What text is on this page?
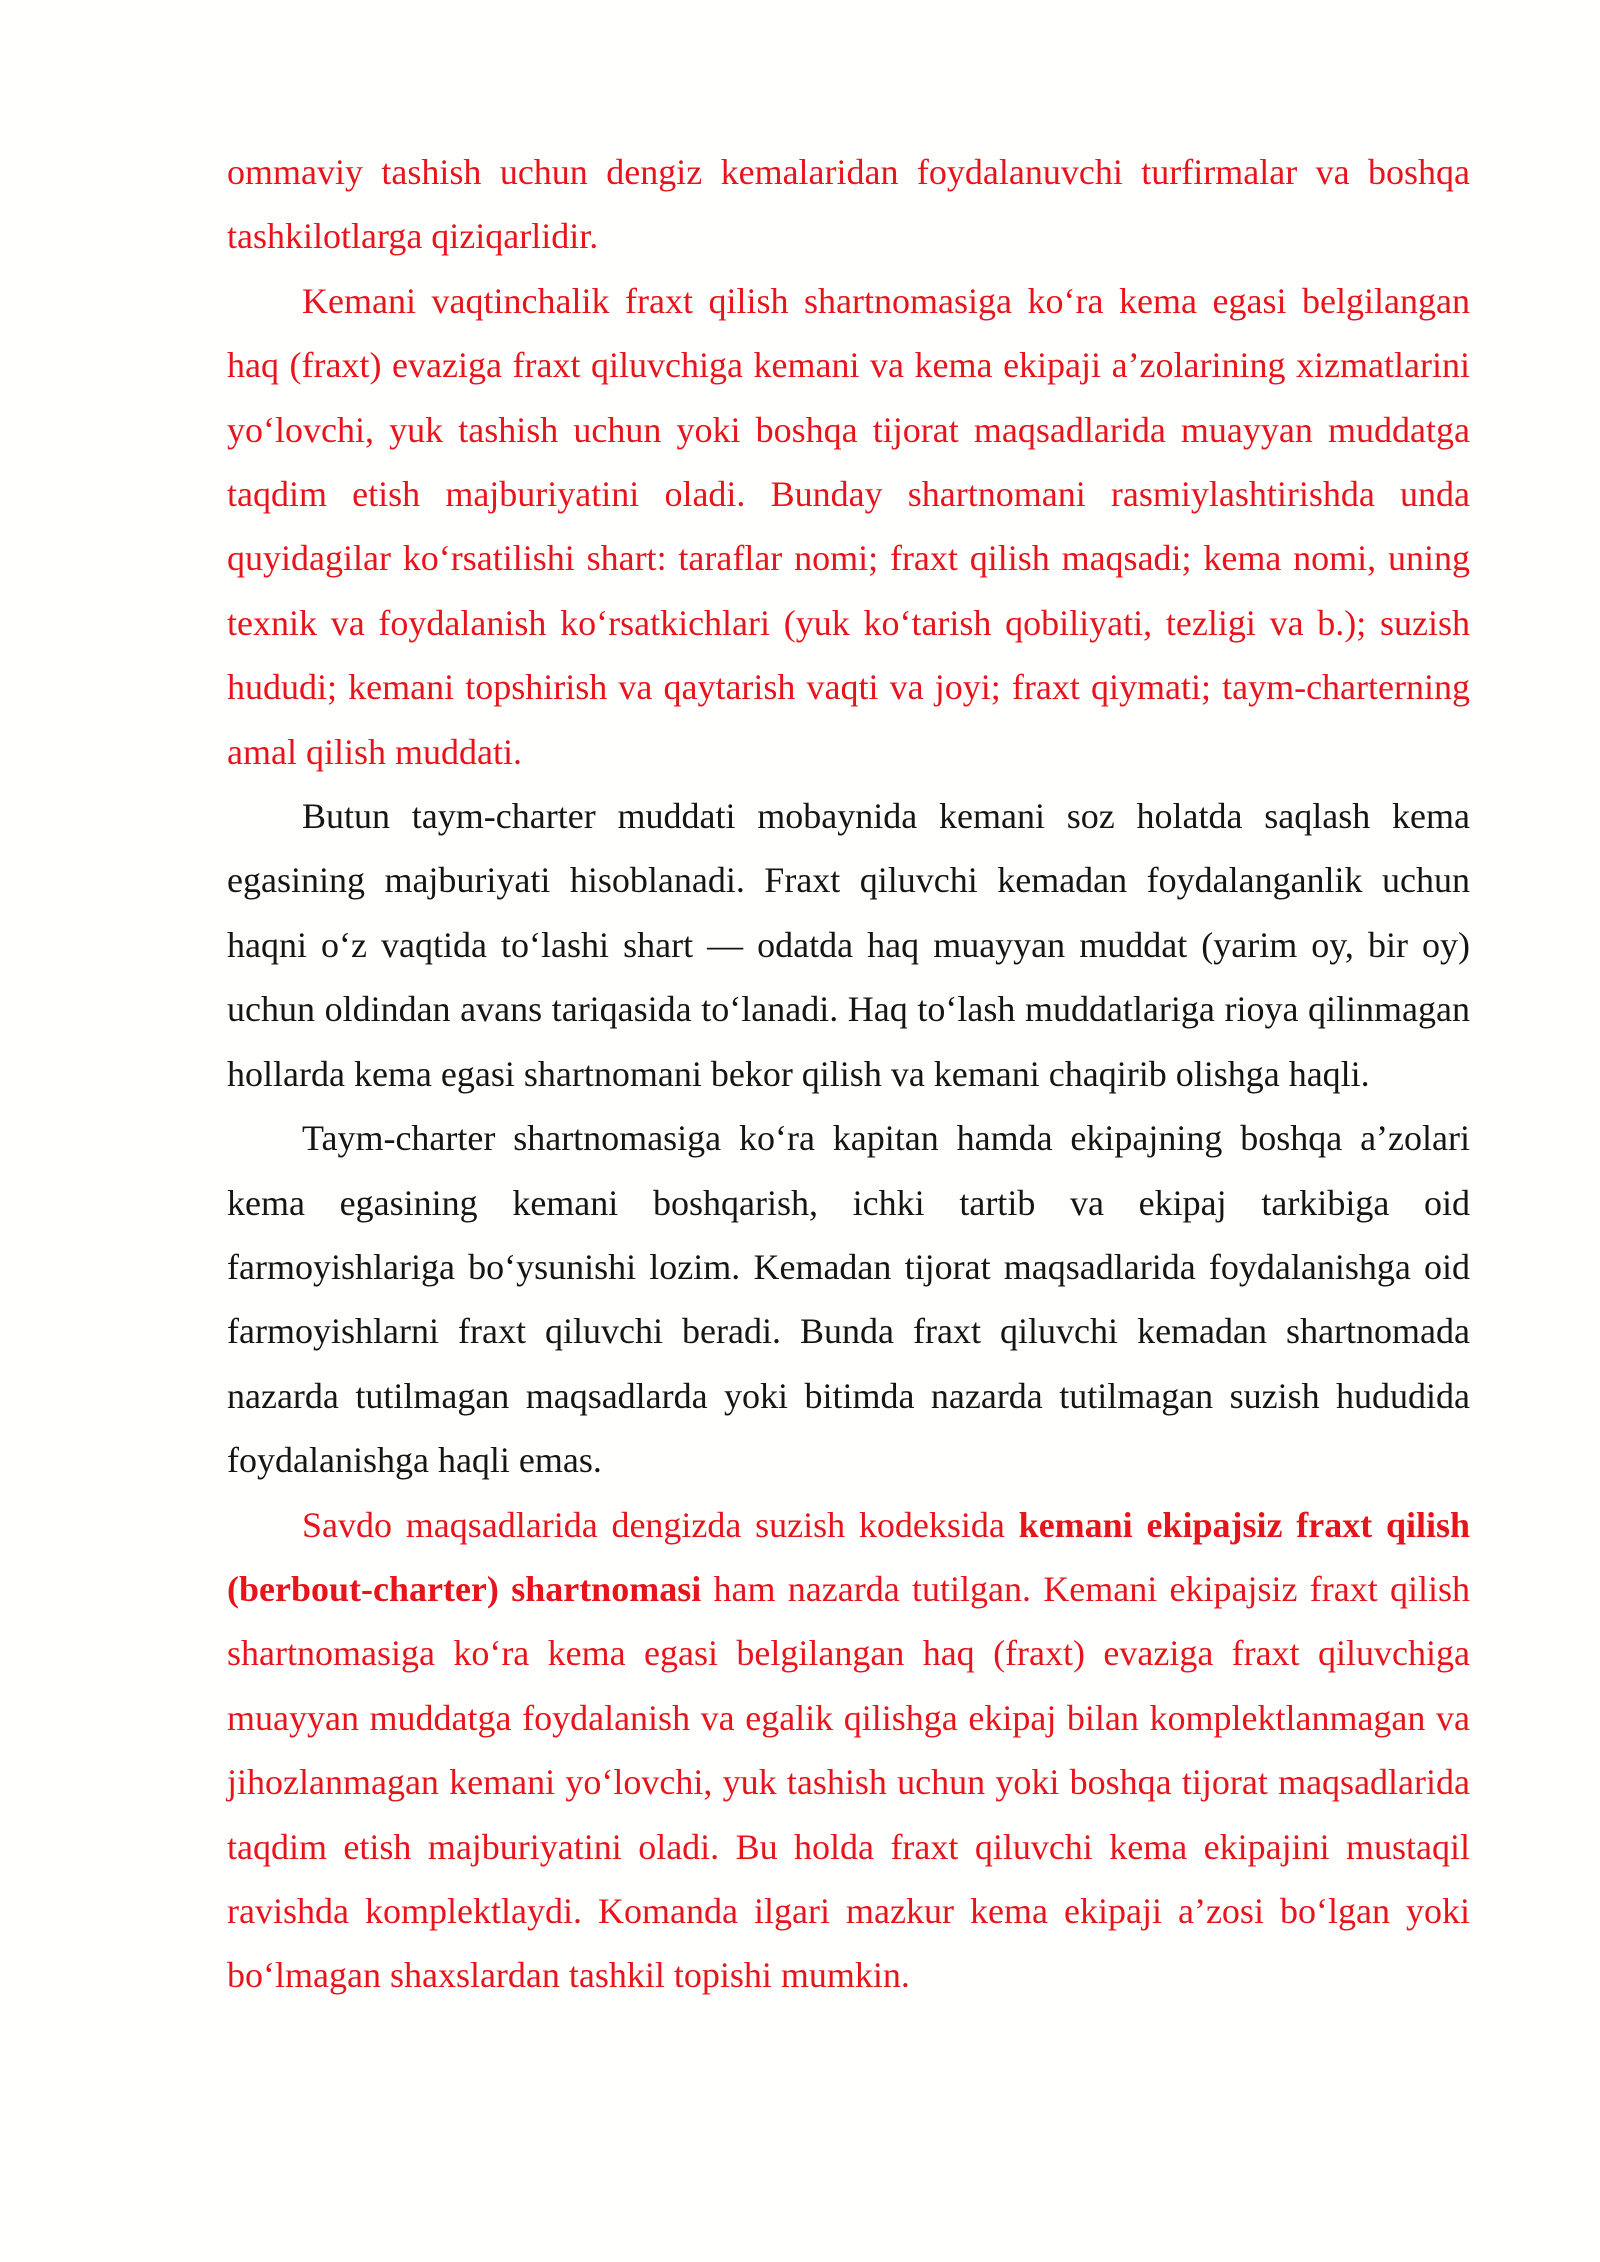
ommaviy tashish uchun dengiz kemalaridan foydalanuvchi turfirmalar va boshqa tashkilotlarga qiziqarlidir.

Kemani vaqtinchalik fraxt qilish shartnomasiga ko‘ra kema egasi belgilangan haq (fraxt) evaziga fraxt qiluvchiga kemani va kema ekipaji a’zolarining xizmatlarini yo‘lovchi, yuk tashish uchun yoki boshqa tijorat maqsadlarida muayyan muddatga taqdim etish majburiyatini oladi. Bunday shartnomani rasmiylashtirishda unda quyidagilar ko‘rsatilishi shart: taraflar nomi; fraxt qilish maqsadi; kema nomi, uning texnik va foydalanish ko‘rsatkichlari (yuk ko‘tarish qobiliyati, tezligi va b.); suzish hududi; kemani topshirish va qaytarish vaqti va joyi; fraxt qiymati; taym-charterning amal qilish muddati.

Butun taym-charter muddati mobaynida kemani soz holatda saqlash kema egasining majburiyati hisoblanadi. Fraxt qiluvchi kemadan foydalanganlik uchun haqni o‘z vaqtida to‘lashi shart — odatda haq muayyan muddat (yarim oy, bir oy) uchun oldindan avans tariqasida to‘lanadi. Haq to‘lash muddatlariga rioya qilinmagan hollarda kema egasi shartnomani bekor qilish va kemani chaqirib olishga haqli.

Taym-charter shartnomasiga ko‘ra kapitan hamda ekipajning boshqa a’zolari kema egasining kemani boshqarish, ichki tartib va ekipaj tarkibiga oid farmoyishlariga bo‘ysunishi lozim. Kemadan tijorat maqsadlarida foydalanishga oid farmoyishlarni fraxt qiluvchi beradi. Bunda fraxt qiluvchi kemadan shartnomada nazarda tutilmagan maqsadlarda yoki bitimda nazarda tutilmagan suzish hududida foydalanishga haqli emas.

Savdo maqsadlarida dengizda suzish kodeksida kemani ekipajsiz fraxt qilish (berbout-charter) shartnomasi ham nazarda tutilgan. Kemani ekipajsiz fraxt qilish shartnomasiga ko‘ra kema egasi belgilangan haq (fraxt) evaziga fraxt qiluvchiga muayyan muddatga foydalanish va egalik qilishga ekipaj bilan komplektlanmagan va jihozlanmagan kemani yo‘lovchi, yuk tashish uchun yoki boshqa tijorat maqsadlarida taqdim etish majburiyatini oladi. Bu holda fraxt qiluvchi kema ekipajini mustaqil ravishda komplektlaydi. Komanda ilgari mazkur kema ekipaji a’zosi bo‘lgan yoki bo‘lmagan shaxslardan tashkil topishi mumkin.
